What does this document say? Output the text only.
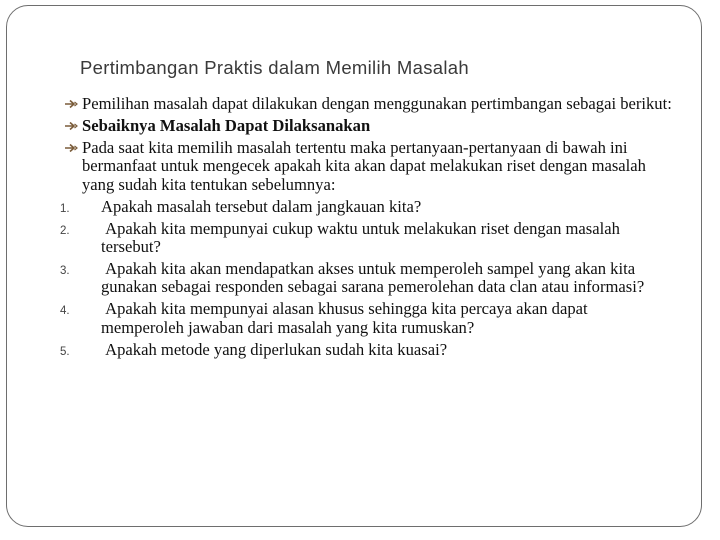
Pertimbangan Praktis dalam Memilih Masalah
Pemilihan masalah dapat dilakukan dengan menggunakan pertimbangan sebagai berikut:
Sebaiknya Masalah Dapat Dilaksanakan
Pada saat kita memilih masalah tertentu maka pertanyaan-pertanyaan di bawah ini bermanfaat untuk mengecek apakah kita akan dapat melakukan riset dengan masalah yang sudah kita tentukan sebelumnya:
1. Apakah masalah tersebut dalam jangkauan kita?
2. Apakah kita mempunyai cukup waktu untuk melakukan riset dengan masalah tersebut?
3. Apakah kita akan mendapatkan akses untuk memperoleh sampel yang akan kita gunakan sebagai responden sebagai sarana pemerolehan data clan atau informasi?
4. Apakah kita mempunyai alasan khusus sehingga kita percaya akan dapat memperoleh jawaban dari masalah yang kita rumuskan?
5. Apakah metode yang diperlukan sudah kita kuasai?
